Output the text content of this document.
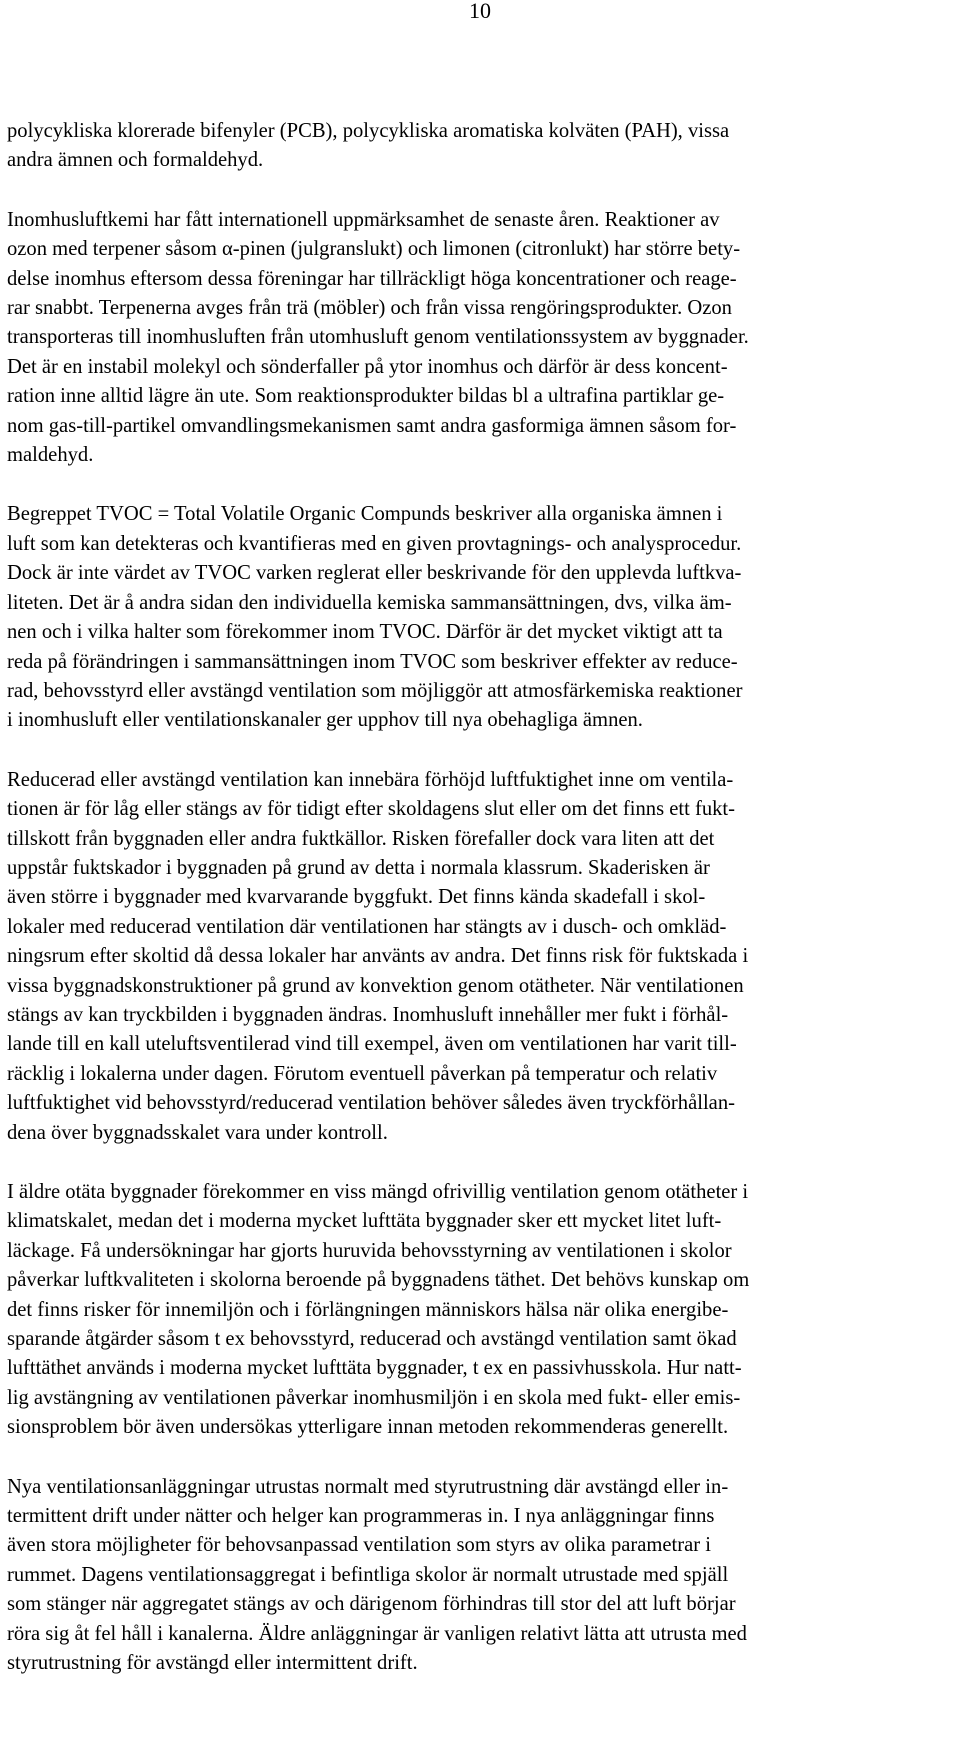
10

polycykliska klorerade bifenyler (PCB), polycykliska aromatiska kolväten (PAH), vissa
andra ämnen och formaldehyd.

Inomhusluftkemi har fått internationell uppmärksamhet de senaste åren. Reaktioner av
ozon med terpener såsom α-pinen (julgranslukt) och limonen (citronlukt) har större bety-
delse inomhus eftersom dessa föreningar har tillräckligt höga koncentrationer och reage-
rar snabbt. Terpenerna avges från trä (möbler) och från vissa rengöringsprodukter. Ozon
transporteras till inomhusluften från utomhusluft genom ventilationssystem av byggnader.
Det är en instabil molekyl och sönderfaller på ytor inomhus och därför är dess koncent-
ration inne alltid lägre än ute. Som reaktionsprodukter bildas bl a ultrafina partiklar ge-
nom gas-till-partikel omvandlingsmekanismen samt andra gasformiga ämnen såsom for-
maldehyd.

Begreppet TVOC = Total Volatile Organic Compunds beskriver alla organiska ämnen i
luft som kan detekteras och kvantifieras med en given provtagnings- och analysprocedur.
Dock är inte värdet av TVOC varken reglerat eller beskrivande för den upplevda luftkva-
liteten. Det är å andra sidan den individuella kemiska sammansättningen, dvs, vilka äm-
nen och i vilka halter som förekommer inom TVOC. Därför är det mycket viktigt att ta
reda på förändringen i sammansättningen inom TVOC som beskriver effekter av reduce-
rad, behovsstyrd eller avstängd ventilation som möjliggör att atmosfärkemiska reaktioner
i inomhusluft eller ventilationskanaler ger upphov till nya obehagliga ämnen.

Reducerad eller avstängd ventilation kan innebära förhöjd luftfuktighet inne om ventila-
tionen är för låg eller stängs av för tidigt efter skoldagens slut eller om det finns ett fukt-
tillskott från byggnaden eller andra fuktkällor. Risken förefaller dock vara liten att det
uppstår fuktskador i byggnaden på grund av detta i normala klassrum. Skaderisken är
även större i byggnader med kvarvarande byggfukt. Det finns kända skadefall i skol-
lokaler med reducerad ventilation där ventilationen har stängts av i dusch- och omkläd-
ningsrum efter skoltid då dessa lokaler har använts av andra. Det finns risk för fuktskada i
vissa byggnadskonstruktioner på grund av konvektion genom otätheter. När ventilationen
stängs av kan tryckbilden i byggnaden ändras. Inomhusluft innehåller mer fukt i förhål-
lande till en kall uteluftsventilerad vind till exempel, även om ventilationen har varit till-
räcklig i lokalerna under dagen. Förutom eventuell påverkan på temperatur och relativ
luftfuktighet vid behovsstyrd/reducerad ventilation behöver således även tryckförhållan-
dena över byggnadsskalet vara under kontroll.

I äldre otäta byggnader förekommer en viss mängd ofrivillig ventilation genom otätheter i
klimatskalet, medan det i moderna mycket lufttäta byggnader sker ett mycket litet luft-
läckage. Få undersökningar har gjorts huruvida behovsstyrning av ventilationen i skolor
påverkar luftkvaliteten i skolorna beroende på byggnadens täthet. Det behövs kunskap om
det finns risker för innemiljön och i förlängningen människors hälsa när olika energibe-
sparande åtgärder såsom t ex behovsstyrd, reducerad och avstängd ventilation samt ökad
lufttäthet används i moderna mycket lufttäta byggnader, t ex en passivhusskola. Hur natt-
lig avstängning av ventilationen påverkar inomhusmiljön i en skola med fukt- eller emis-
sionsproblem bör även undersökas ytterligare innan metoden rekommenderas generellt.

Nya ventilationsanläggningar utrustas normalt med styrutrustning där avstängd eller in-
termittent drift under nätter och helger kan programmeras in. I nya anläggningar finns
även stora möjligheter för behovsanpassad ventilation som styrs av olika parametrar i
rummet. Dagens ventilationsaggregat i befintliga skolor är normalt utrustade med spjäll
som stänger när aggregatet stängs av och därigenom förhindras till stor del att luft börjar
röra sig åt fel håll i kanalerna. Äldre anläggningar är vanligen relativt lätta att utrusta med
styrutrustning för avstängd eller intermittent drift.
